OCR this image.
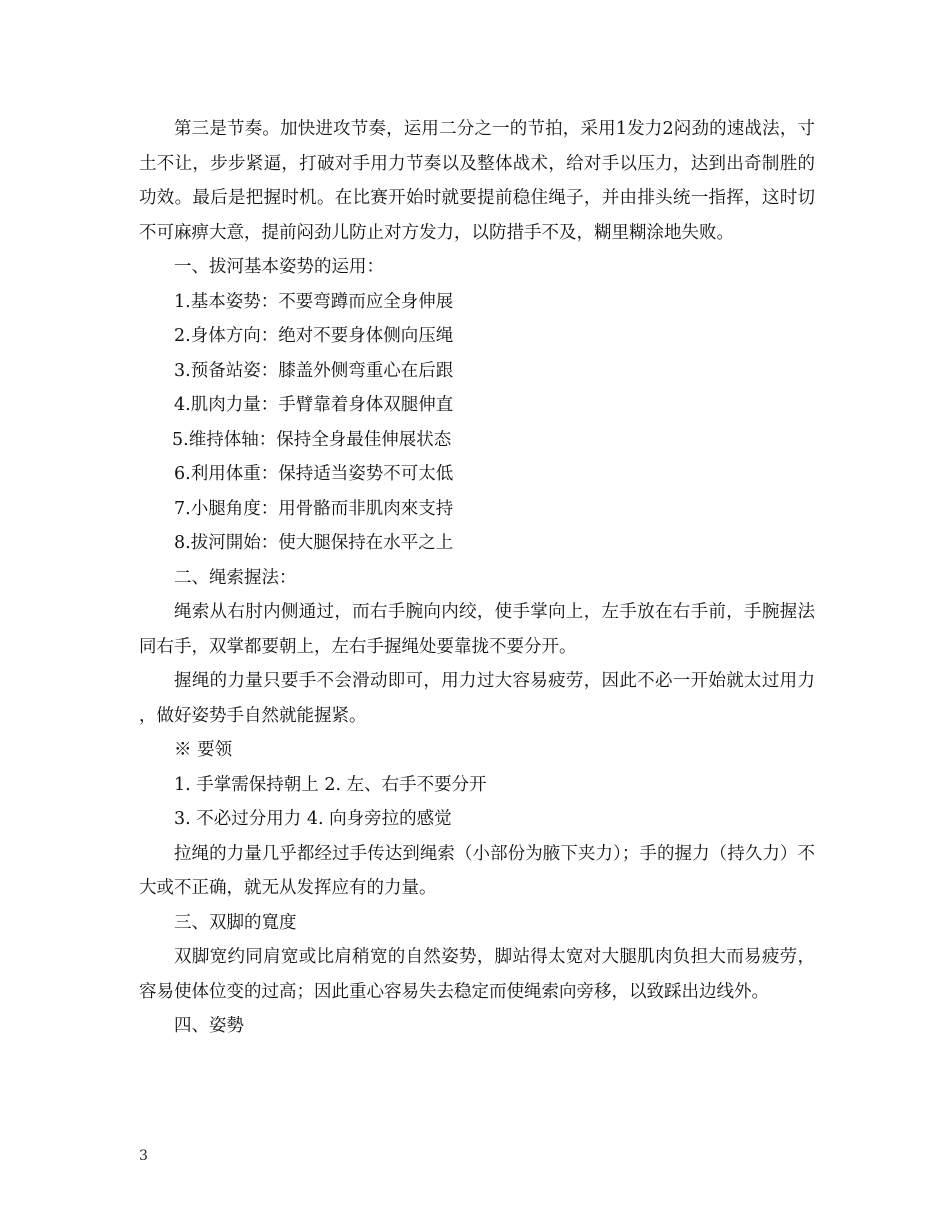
第三是节奏。加快进攻节奏，运用二分之一的节拍，采用1发力2闷劲的速战法，寸土不让，步步紧逼，打破对手用力节奏以及整体战术，给对手以压力，达到出奇制胜的功效。最后是把握时机。在比赛开始时就要提前稳住绳子，并由排头统一指挥，这时切不可麻痹大意，提前闷劲儿防止对方发力，以防措手不及，糊里糊涂地失败。

一、拔河基本姿势的运用：

1.基本姿势：不要弯蹲而应全身伸展

2.身体方向：绝对不要身体侧向压绳

3.预备站姿：膝盖外侧弯重心在后跟

4.肌肉力量：手臂靠着身体双腿伸直

5.维持体轴：保持全身最佳伸展状态

6.利用体重：保持适当姿势不可太低

7.小腿角度：用骨骼而非肌肉來支持

8.拔河開始：使大腿保持在水平之上

二、绳索握法：

绳索从右肘内侧通过，而右手腕向内绞，使手掌向上，左手放在右手前，手腕握法同右手，双掌都要朝上，左右手握绳处要靠拢不要分开。

握绳的力量只要手不会滑动即可，用力过大容易疲劳，因此不必一开始就太过用力，做好姿势手自然就能握紧。

※ 要领

1. 手掌需保持朝上 2. 左、右手不要分开

3. 不必过分用力 4. 向身旁拉的感觉

拉绳的力量几乎都经过手传达到绳索（小部份为腋下夹力）；手的握力（持久力）不大或不正确，就无从发挥应有的力量。

三、双脚的寬度

双脚宽约同肩宽或比肩稍宽的自然姿势，脚站得太宽对大腿肌肉负担大而易疲劳，容易使体位变的过高；因此重心容易失去稳定而使绳索向旁移，以致踩出边线外。

四、姿勢

3
